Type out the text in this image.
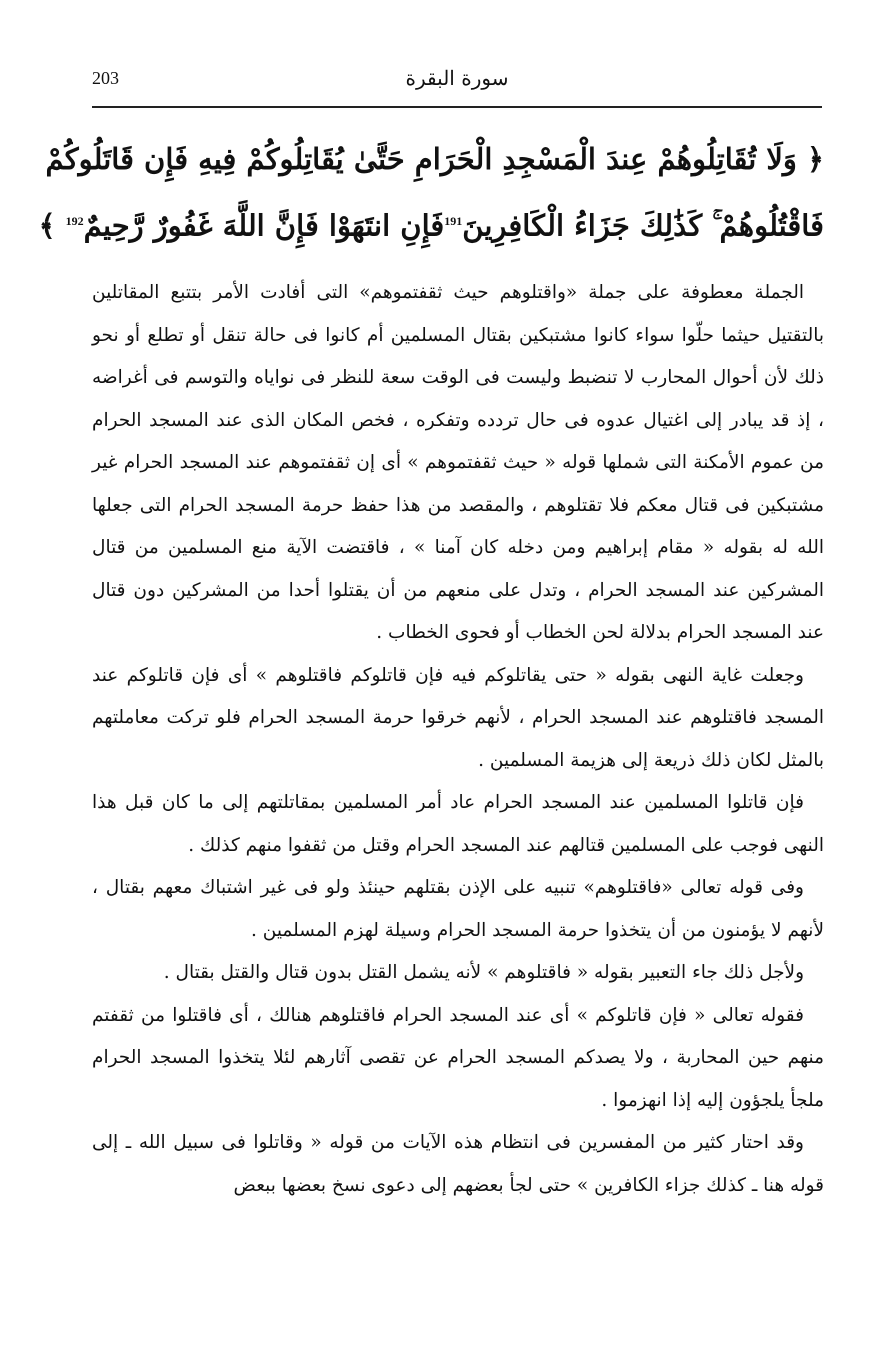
203	سورة البقرة
﴿ وَلَا تُقَاتِلُوهُمْ عِندَ الْمَسْجِدِ الْحَرَامِ حَتَّىٰ يُقَاتِلُوكُمْ فِيهِ فَإِن قَاتَلُوكُمْ
فَاقْتُلُوهُمْ ۚ كَذَٰلِكَ جَزَاءُ الْكَافِرِينَ$^{191}$
فَإِنِ انتَهَوْا فَإِنَّ اللَّهَ غَفُورٌ رَّحِيمٌ$^{192}$ ﴾

الجملة معطوفة على جملة «واقتلوهم حيث ثقفتموهم» التى أفادت الأمر بتتبع المقاتلين بالتقتيل حيثما حلّوا سواء كانوا مشتبكين بقتال المسلمين أم كانوا فى حالة تنقل أو تطلع أو نحو ذلك لأن أحوال المحارب لا تنضبط وليست فى الوقت سعة للنظر فى نواياه والتوسم فى أغراضه ، إذ قد يبادر إلى اغتيال عدوه فى حال تردده وتفكره ، فخص المكان الذى عند المسجد الحرام من عموم الأمكنة التى شملها قوله « حيث ثقفتموهم » أى إن ثقفتموهم عند المسجد الحرام غير مشتبكين فى قتال معكم فلا تقتلوهم ، والمقصد من هذا حفظ حرمة المسجد الحرام التى جعلها الله له بقوله « مقام إبراهيم ومن دخله كان آمنا » ، فاقتضت الآية منع المسلمين من قتال المشركين عند المسجد الحرام ، وتدل على منعهم من أن يقتلوا أحدا من المشركين دون قتال عند المسجد الحرام بدلالة لحن الخطاب أو فحوى الخطاب .

وجعلت غاية النهى بقوله « حتى يقاتلوكم فيه فإن قاتلوكم فاقتلوهم » أى فإن قاتلوكم عند المسجد فاقتلوهم عند المسجد الحرام ، لأنهم خرقوا حرمة المسجد الحرام فلو تركت معاملتهم بالمثل لكان ذلك ذريعة إلى هزيمة المسلمين .

فإن قاتلوا المسلمين عند المسجد الحرام عاد أمر المسلمين بمقاتلتهم إلى ما كان قبل هذا النهى فوجب على المسلمين قتالهم عند المسجد الحرام وقتل من ثقفوا منهم كذلك .

وفى قوله تعالى «فاقتلوهم» تنبيه على الإذن بقتلهم حينئذ ولو فى غير اشتباك معهم بقتال ، لأنهم لا يؤمنون من أن يتخذوا حرمة المسجد الحرام وسيلة لهزم المسلمين .

ولأجل ذلك جاء التعبير بقوله « فاقتلوهم » لأنه يشمل القتل بدون قتال والقتل بقتال .

فقوله تعالى « فإن قاتلوكم » أى عند المسجد الحرام فاقتلوهم هنالك ، أى فاقتلوا من ثقفتم منهم حين المحاربة ، ولا يصدكم المسجد الحرام عن تقصى آثارهم لئلا يتخذوا المسجد الحرام ملجأ يلجؤون إليه إذا انهزموا .

وقد احتار كثير من المفسرين فى انتظام هذه الآيات من قوله « وقاتلوا فى سبيل الله ـ إلى قوله هنا ـ كذلك جزاء الكافرين » حتى لجأ بعضهم إلى دعوى نسخ بعضها ببعض
